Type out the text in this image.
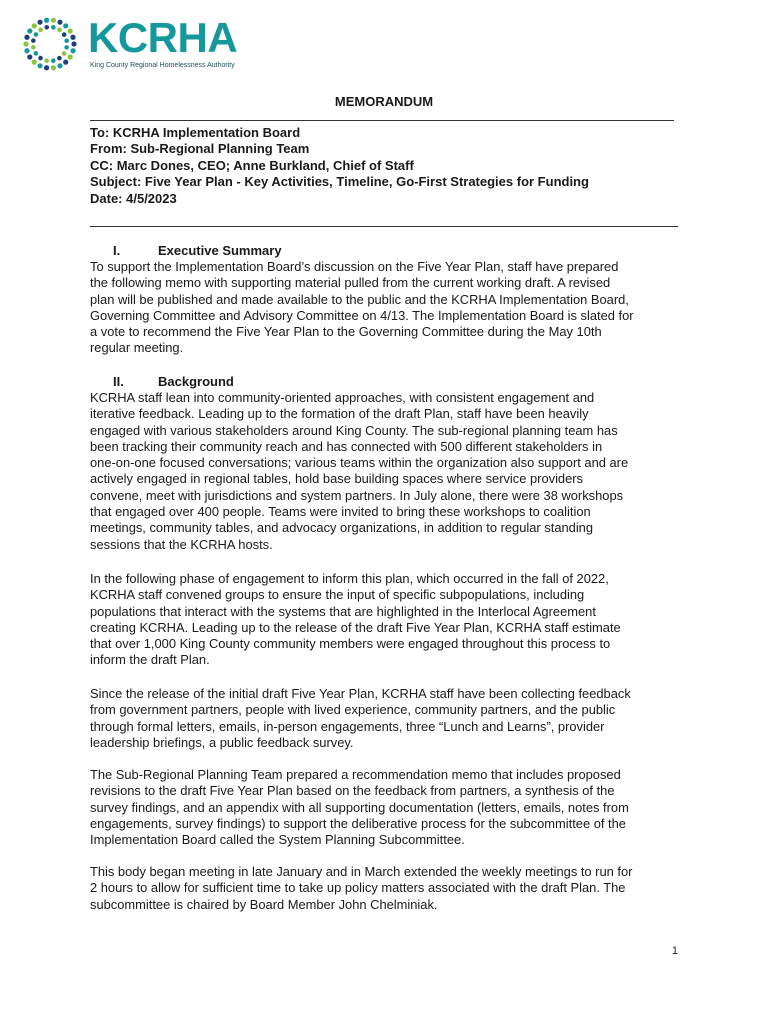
KCRHA
King County Regional Homelessness Authority
MEMORANDUM
To: KCRHA Implementation Board
From: Sub-Regional Planning Team
CC: Marc Dones, CEO; Anne Burkland, Chief of Staff
Subject: Five Year Plan - Key Activities, Timeline, Go-First Strategies for Funding
Date: 4/5/2023
I.	Executive Summary
To support the Implementation Board’s discussion on the Five Year Plan, staff have prepared
the following memo with supporting material pulled from the current working draft. A revised
plan will be published and made available to the public and the KCRHA Implementation Board,
Governing Committee and Advisory Committee on 4/13. The Implementation Board is slated for
a vote to recommend the Five Year Plan to the Governing Committee during the May 10th
regular meeting.
II.	Background
KCRHA staff lean into community-oriented approaches, with consistent engagement and
iterative feedback. Leading up to the formation of the draft Plan, staff have been heavily
engaged with various stakeholders around King County. The sub-regional planning team has
been tracking their community reach and has connected with 500 different stakeholders in
one-on-one focused conversations; various teams within the organization also support and are
actively engaged in regional tables, hold base building spaces where service providers
convene, meet with jurisdictions and system partners. In July alone, there were 38 workshops
that engaged over 400 people. Teams were invited to bring these workshops to coalition
meetings, community tables, and advocacy organizations, in addition to regular standing
sessions that the KCRHA hosts.
In the following phase of engagement to inform this plan, which occurred in the fall of 2022,
KCRHA staff convened groups to ensure the input of specific subpopulations, including
populations that interact with the systems that are highlighted in the Interlocal Agreement
creating KCRHA. Leading up to the release of the draft Five Year Plan, KCRHA staff estimate
that over 1,000 King County community members were engaged throughout this process to
inform the draft Plan.
Since the release of the initial draft Five Year Plan, KCRHA staff have been collecting feedback
from government partners, people with lived experience, community partners, and the public
through formal letters, emails, in-person engagements, three “Lunch and Learns”, provider
leadership briefings, a public feedback survey.
The Sub-Regional Planning Team prepared a recommendation memo that includes proposed
revisions to the draft Five Year Plan based on the feedback from partners, a synthesis of the
survey findings, and an appendix with all supporting documentation (letters, emails, notes from
engagements, survey findings) to support the deliberative process for the subcommittee of the
Implementation Board called the System Planning Subcommittee.
This body began meeting in late January and in March extended the weekly meetings to run for
2 hours to allow for sufficient time to take up policy matters associated with the draft Plan. The
subcommittee is chaired by Board Member John Chelminiak.
1
